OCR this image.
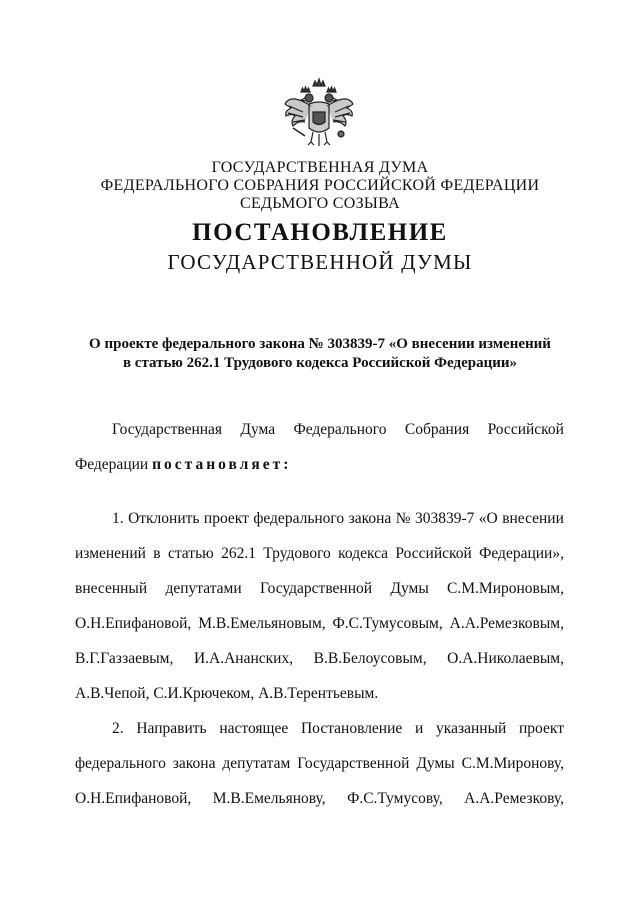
ГОСУДАРСТВЕННАЯ ДУМА
ФЕДЕРАЛЬНОГО СОБРАНИЯ РОССИЙСКОЙ ФЕДЕРАЦИИ
СЕДЬМОГО СОЗЫВА
ПОСТАНОВЛЕНИЕ
ГОСУДАРСТВЕННОЙ ДУМЫ
О проекте федерального закона № 303839-7 «О внесении изменений
в статью 262.1 Трудового кодекса Российской Федерации»
Государственная Дума Федерального Собрания Российской
Федерации постановляет:
1. Отклонить проект федерального закона № 303839-7 «О внесении
изменений в статью 262.1 Трудового кодекса Российской Федерации»,
внесенный депутатами Государственной Думы С.М.Мироновым,
О.Н.Епифановой, М.В.Емельяновым, Ф.С.Тумусовым, А.А.Ремезковым,
В.Г.Газзаевым, И.А.Ананских, В.В.Белоусовым, О.А.Николаевым,
А.В.Чепой, С.И.Крючеком, А.В.Терентьевым.
2. Направить настоящее Постановление и указанный проект
федерального закона депутатам Государственной Думы С.М.Миронову,
О.Н.Епифановой, М.В.Емельянову, Ф.С.Тумусову, А.А.Ремезкову,
